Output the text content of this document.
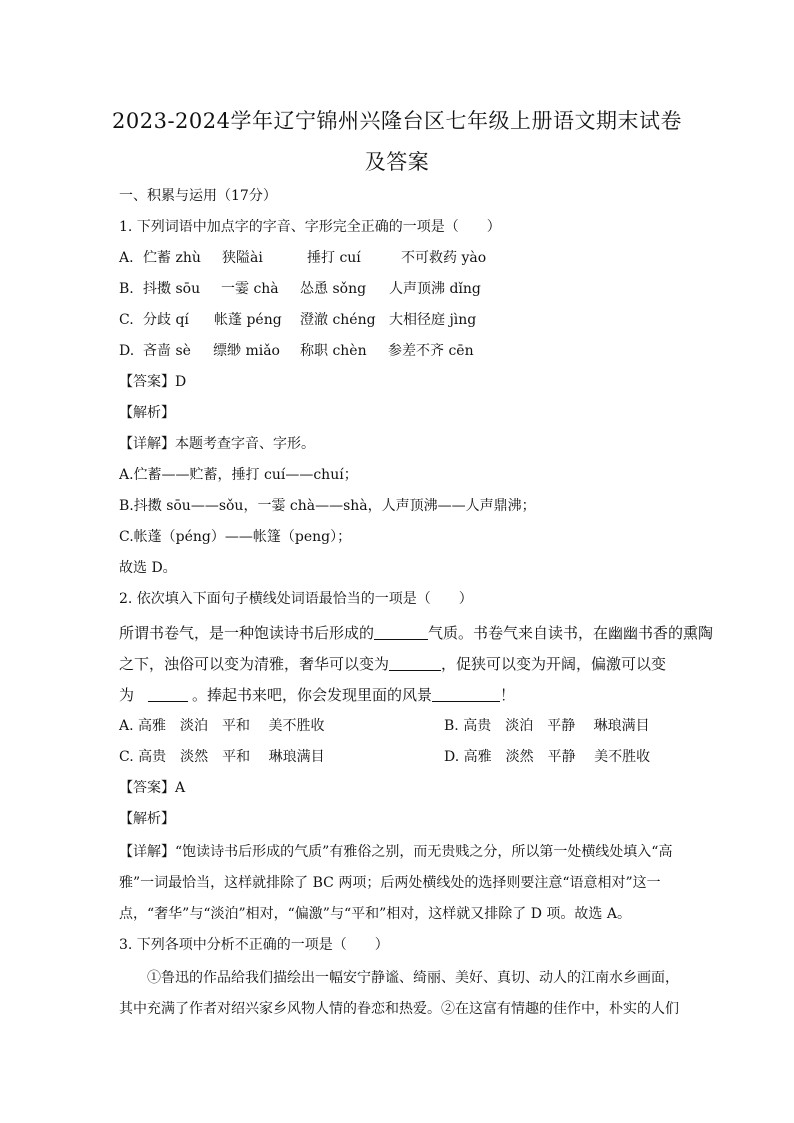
2023-2024学年辽宁锦州兴隆台区七年级上册语文期末试卷
及答案
一、积累与运用（17分）
1. 下列词语中加点字的字音、字形完全正确的一项是（　　）
A. 伫蓄 zhù 狭隘ài	捶打 cuí	不可救药 yào
B. 抖擞 sōu 一霎 chà 怂恿 sǒng 人声顶沸 dǐng
C. 分歧 qí 帐蓬 péng 澄澈 chéng 大相径庭 jìng
D. 吝啬 sè 缥缈 miǎo 称职 chèn 参差不齐 cēn
【答案】D
【解析】
【详解】本题考查字音、字形。
A.伫蓄——贮蓄，捶打 cuí——chuí；
B.抖擞 sōu——sǒu，一霎 chà——shà，人声顶沸——人声鼎沸；
C.帐蓬（péng）——帐篷（peng）；
故选 D。
2. 依次填入下面句子横线处词语最恰当的一项是（　　）
所谓书卷气，是一种饱读诗书后形成的	气质。书卷气来自读书，在幽幽书香的熏陶
之下，浊俗可以变为清雅，奢华可以变为	，促狭可以变为开阔，偏激可以变
为	。捧起书来吧，你会发现里面的风景	！
A. 高雅　淡泊　平和　 美不胜收	B. 高贵　淡泊　平静　 琳琅满目
C. 高贵　淡然　平和　 琳琅满目	D. 高雅　淡然　平静　 美不胜收
【答案】A
【解析】
【详解】“饱读诗书后形成的气质”有雅俗之别，而无贵贱之分，所以第一处横线处填入“高
雅”一词最恰当，这样就排除了 BC 两项；后两处横线处的选择则要注意“语意相对”这一
点，“奢华”与“淡泊”相对，“偏激”与“平和”相对，这样就又排除了 D 项。故选 A。
3. 下列各项中分析不正确的一项是（　　）
　　①鲁迅的作品给我们描绘出一幅安宁静谧、绮丽、美好、真切、动人的江南水乡画面，
其中充满了作者对绍兴家乡风物人情的眷恋和热爱。②在这富有情趣的佳作中，朴实的人们
